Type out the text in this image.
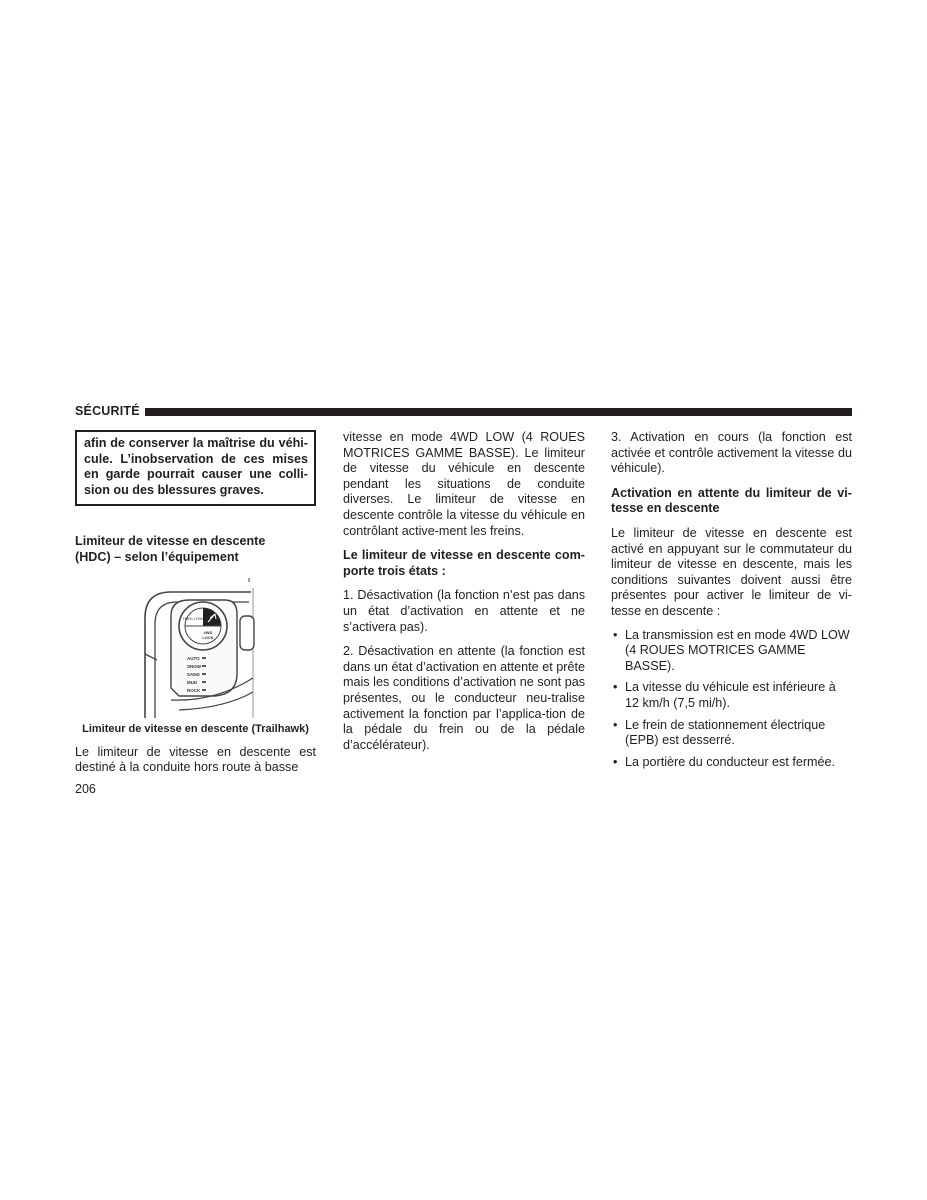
SÉCURITÉ
afin de conserver la maîtrise du véhi-cule. L’inobservation de ces mises en garde pourrait causer une colli-sion ou des blessures graves.

Limiteur de vitesse en descente

(HDC) – selon l’équipement

HWD LOW
4WD
LOCK
AUTO
SNOW
SAND
MUD
ROCK
Limiteur de vitesse en descente (Trailhawk)

Le limiteur de vitesse en descente est destiné à la conduite hors route à basse

vitesse en mode 4WD LOW (4 ROUES MOTRICES GAMME BASSE). Le limiteur de vitesse du véhicule en descente pendant les situations de conduite diverses. Le limiteur de vitesse en descente contrôle la vitesse du véhicule en contrôlant active-ment les freins.

Le limiteur de vitesse en descente com-porte trois états :

1. Désactivation (la fonction n’est pas dans un état d’activation en attente et ne s’activera pas).

2. Désactivation en attente (la fonction est dans un état d’activation en attente et prête mais les conditions d’activation ne sont pas présentes, ou le conducteur neu-tralise activement la fonction par l’applica-tion de la pédale du frein ou de la pédale d’accélérateur).

3. Activation en cours (la fonction est activée et contrôle activement la vitesse du véhicule).

Activation en attente du limiteur de vi-tesse en descente

Le limiteur de vitesse en descente est activé en appuyant sur le commutateur du limiteur de vitesse en descente, mais les conditions suivantes doivent aussi être présentes pour activer le limiteur de vi-tesse en descente :

• La transmission est en mode 4WD LOW (4 ROUES MOTRICES GAMME BASSE).
• La vitesse du véhicule est inférieure à 12 km/h (7,5 mi/h).
• Le frein de stationnement électrique (EPB) est desserré.
• La portière du conducteur est fermée.
206
